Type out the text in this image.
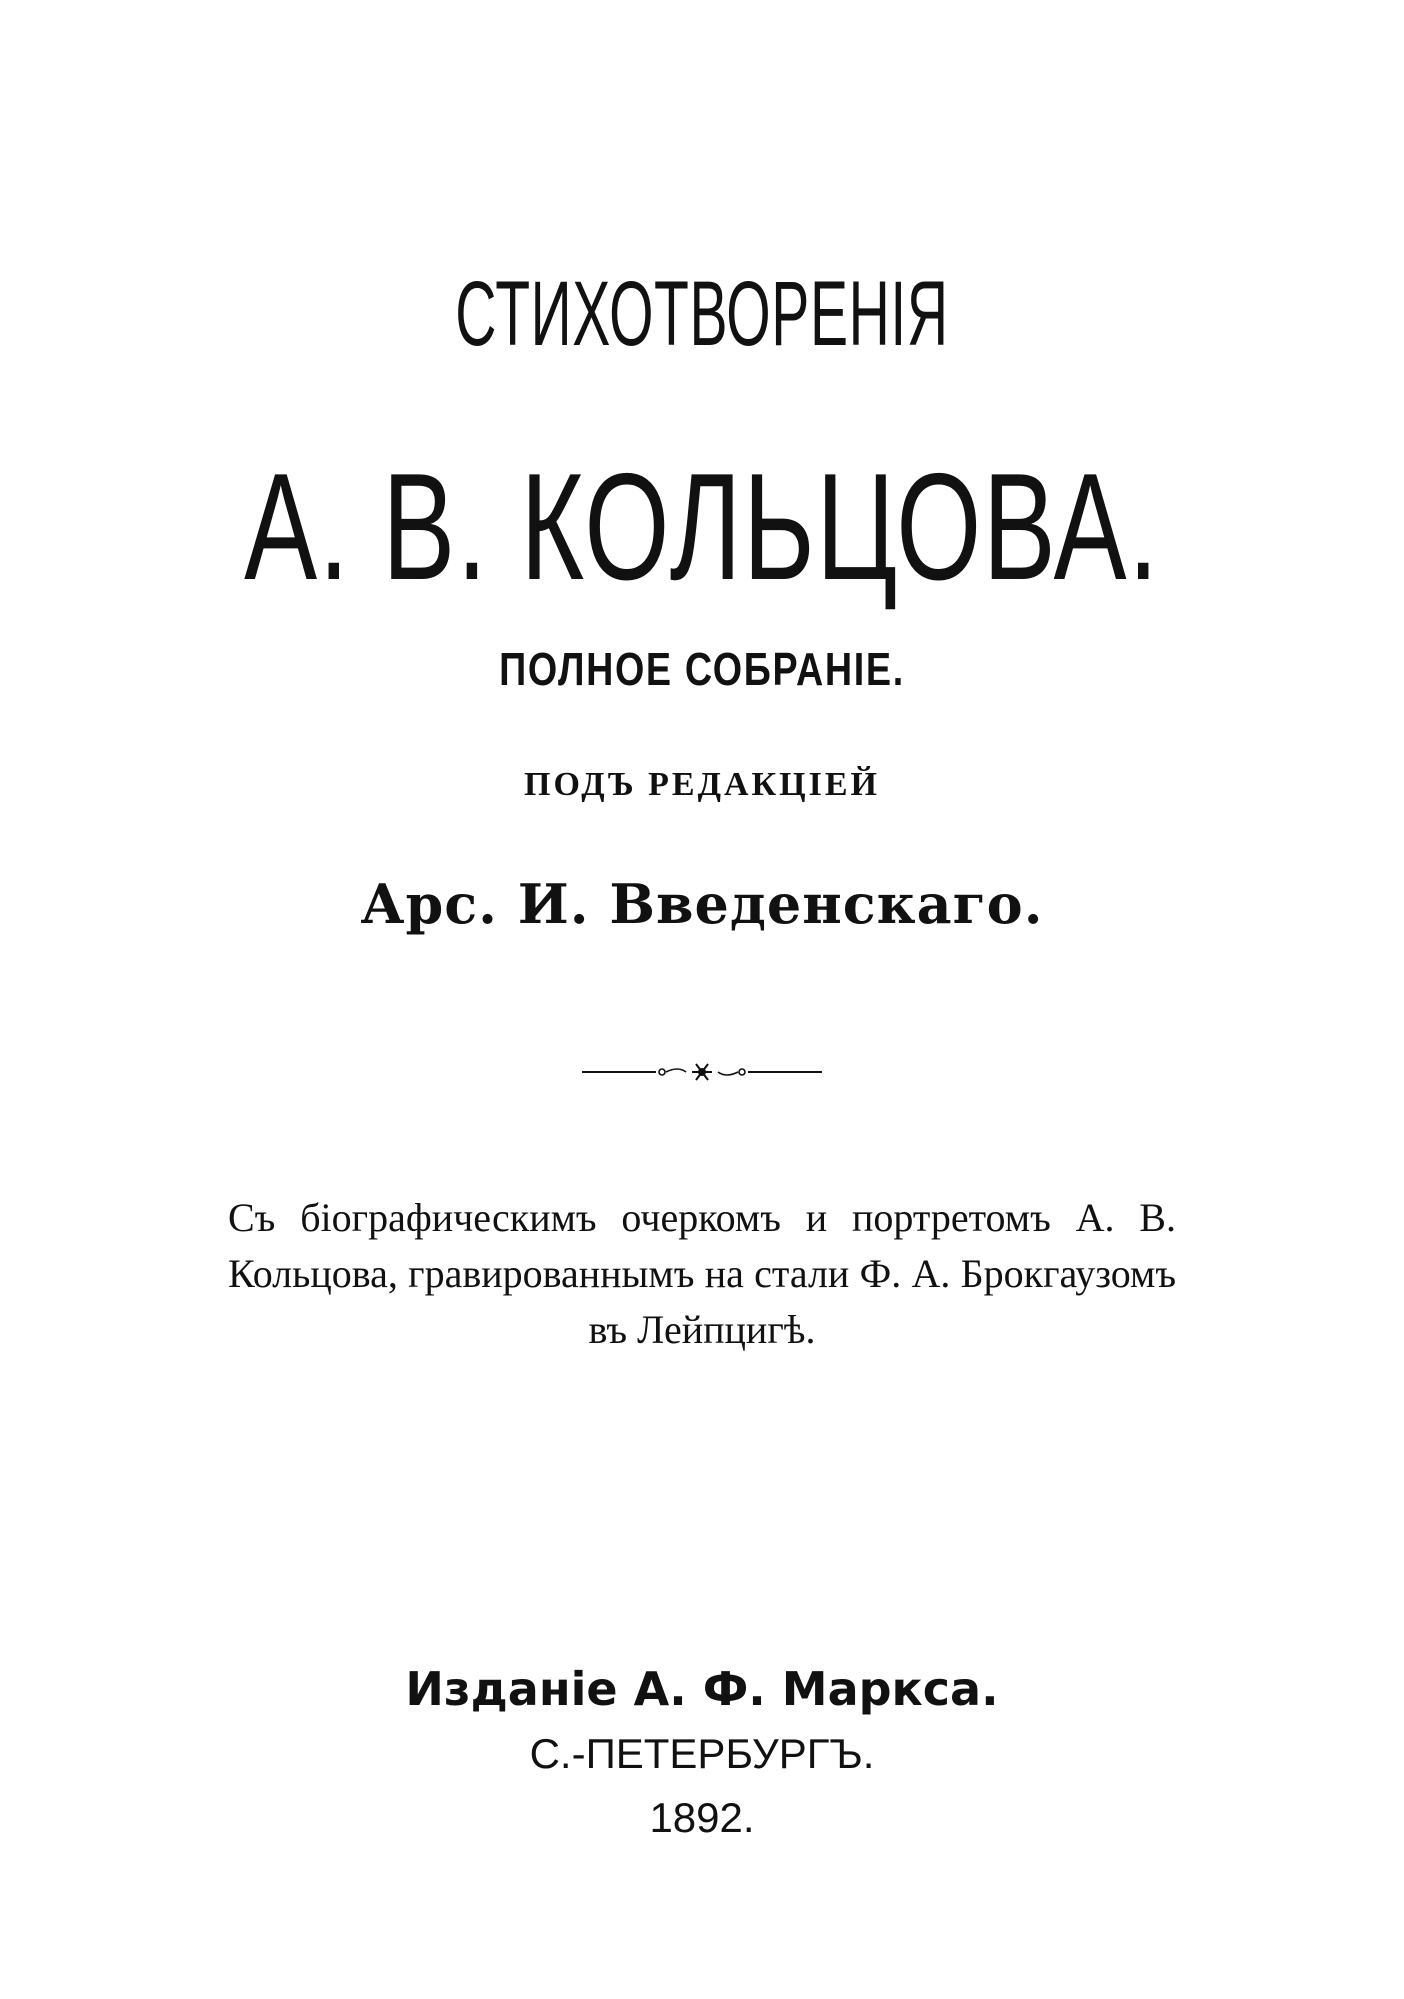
СТИХОТВОРЕНІЯ
А. В. КОЛЬЦОВА.
ПОЛНОЕ СОБРАНІЕ.
ПОДЪ РЕДАКЦІЕЙ
Арс. И. Введенскаго.
Съ біографическимъ очеркомъ и портретомъ А. В. Кольцова, гравированнымъ на стали Ф. А. Брокгаузомъ въ Лейпцигѣ.
Изданіе А. Ф. Маркса.
С.-ПЕТЕРБУРГЪ.
1892.
